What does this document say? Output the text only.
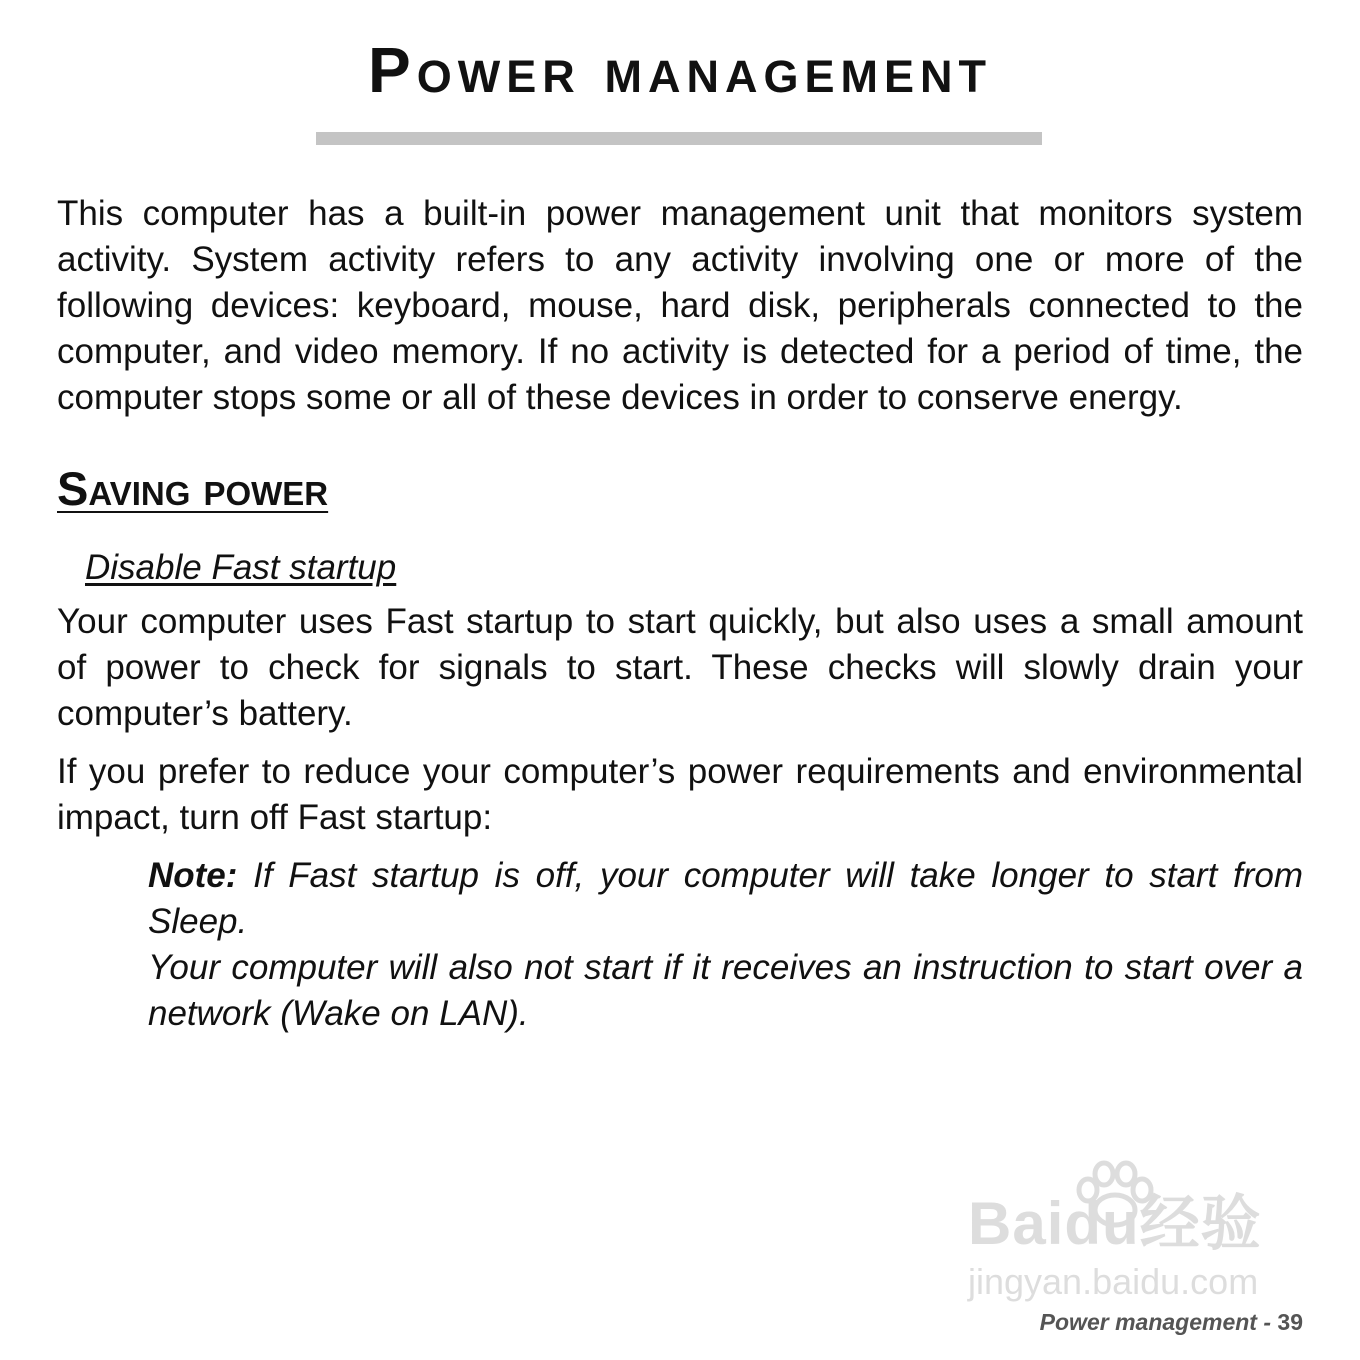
Power management

This computer has a built-in power management unit that monitors system activity. System activity refers to any activity involving one or more of the following devices: keyboard, mouse, hard disk, peripherals connected to the computer, and video memory. If no activity is detected for a period of time, the computer stops some or all of these devices in order to conserve energy.

Saving power
Disable Fast startup

Your computer uses Fast startup to start quickly, but also uses a small amount of power to check for signals to start. These checks will slowly drain your computer’s battery.

If you prefer to reduce your computer’s power requirements and environmental impact, turn off Fast startup:

Note: If Fast startup is off, your computer will take longer to start from Sleep.

Your computer will also not start if it receives an instruction to start over a network (Wake on LAN).

Baidu经验
jingyan.baidu.com
Power management - 39
